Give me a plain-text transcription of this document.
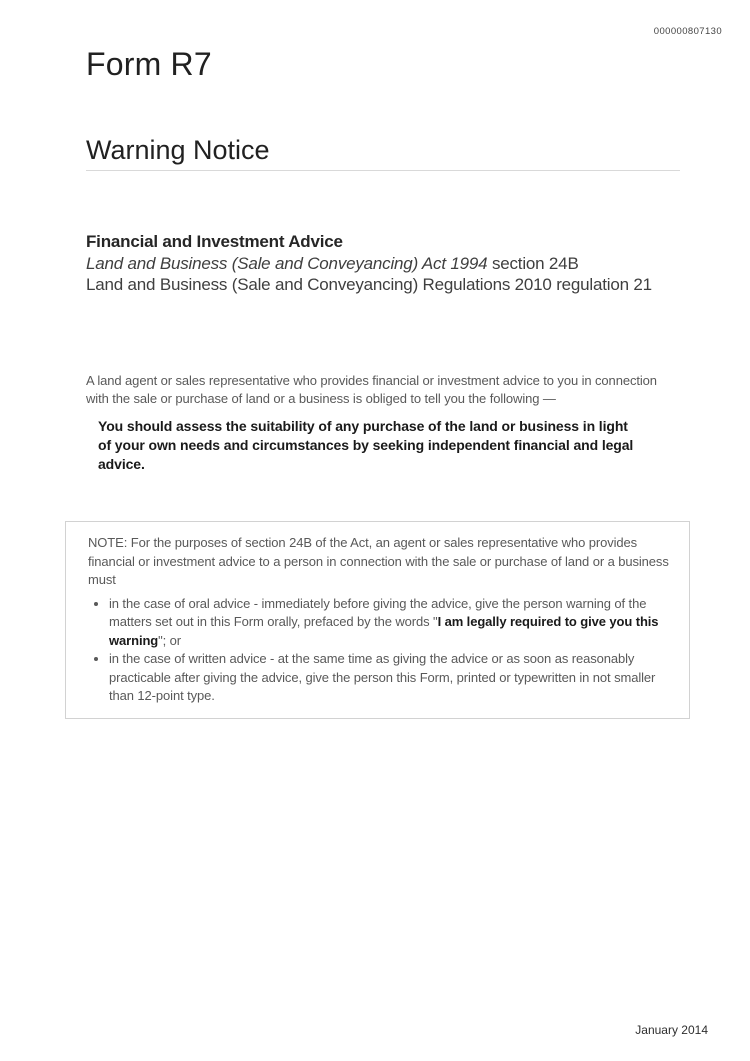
000000807130
Form R7
Warning Notice
Financial and Investment Advice
Land and Business (Sale and Conveyancing) Act 1994 section 24B
Land and Business (Sale and Conveyancing) Regulations 2010 regulation 21

A land agent or sales representative who provides financial or investment advice to you in connection with the sale or purchase of land or a business is obliged to tell you the following —

You should assess the suitability of any purchase of the land or business in light of your own needs and circumstances by seeking independent financial and legal advice.

NOTE: For the purposes of section 24B of the Act, an agent or sales representative who provides financial or investment advice to a person in connection with the sale or purchase of land or a business must

• in the case of oral advice - immediately before giving the advice, give the person warning of the matters set out in this Form orally, prefaced by the words "I am legally required to give you this warning"; or
• in the case of written advice - at the same time as giving the advice or as soon as reasonably practicable after giving the advice, give the person this Form, printed or typewritten in not smaller than 12-point type.
January 2014
